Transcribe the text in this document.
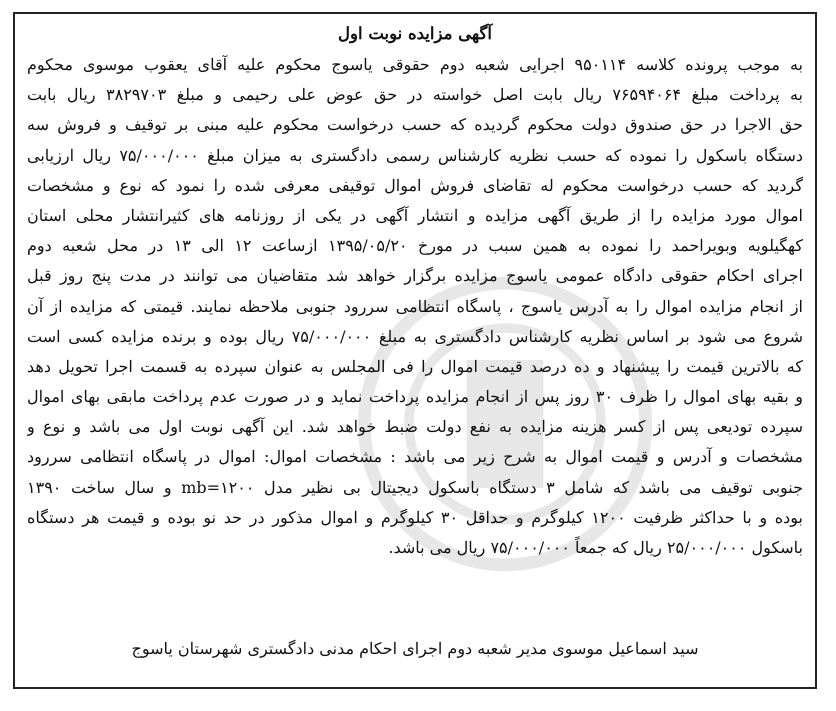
آگهی مزایده نوبت اول
به موجب پرونده کلاسه ۹۵۰۱۱۴ اجرایی شعبه دوم حقوقی یاسوج محکوم علیه آقای یعقوب موسوی محکوم
به پرداخت مبلغ ۷۶۵۹۴۰۶۴ ریال بابت اصل خواسته در حق عوض علی رحیمی و مبلغ ۳۸۲۹۷۰۳ ریال بابت
حق الاجرا در حق صندوق دولت محکوم گردیده که حسب درخواست محکوم علیه مبنی بر توقیف و فروش سه
دستگاه باسکول را نموده که حسب نظریه کارشناس رسمی دادگستری به میزان مبلغ ۷۵/۰۰۰/۰۰۰ ریال ارزیابی
گردید که حسب درخواست محکوم له تقاضای فروش اموال توقیفی معرفی شده را نمود که نوع و مشخصات
اموال مورد مزایده را از طریق آگهی مزایده و انتشار آگهی در یکی از روزنامه های کثیرانتشار محلی استان
کهگیلویه وبویراحمد را نموده به همین سبب در مورخ ۱۳۹۵/۰۵/۲۰ ازساعت ۱۲ الی ۱۳ در محل شعبه دوم
اجرای احکام حقوقی دادگاه عمومی یاسوج مزایده برگزار خواهد شد متقاضیان می توانند در مدت پنج روز قبل
از انجام مزایده اموال را به آدرس یاسوج ، پاسگاه انتظامی سررود جنوبی ملاحظه نمایند. قیمتی که مزایده از آن
شروع می شود بر اساس نظریه کارشناس دادگستری به مبلغ ۷۵/۰۰۰/۰۰۰ ریال بوده و برنده مزایده کسی است
که بالاترین قیمت را پیشنهاد و ده درصد قیمت اموال را فی المجلس به عنوان سپرده به قسمت اجرا تحویل دهد
و بقیه بهای اموال را ظرف ۳۰ روز پس از انجام مزایده پرداخت نماید و در صورت عدم پرداخت مابقی بهای اموال
سپرده تودیعی پس از کسر هزینه مزایده به نفع دولت ضبط خواهد شد. این آگهی نوبت اول می باشد و نوع و
مشخصات و آدرس و قیمت اموال به شرح زیر می باشد : مشخصات اموال: اموال در پاسگاه انتظامی سررود
جنوبی توقیف می باشد که شامل ۳ دستگاه باسکول دیجیتال بی نظیر مدل ۱۲۰۰=mb و سال ساخت ۱۳۹۰
بوده و با حداکثر ظرفیت ۱۲۰۰ کیلوگرم و حداقل ۳۰ کیلوگرم و اموال مذکور در حد نو بوده و قیمت هر دستگاه
باسکول ۲۵/۰۰۰/۰۰۰ ریال که جمعاً ۷۵/۰۰۰/۰۰۰ ریال می باشد.

سید اسماعیل موسوی مدیر شعبه دوم اجرای احکام مدنی دادگستری شهرستان یاسوج
